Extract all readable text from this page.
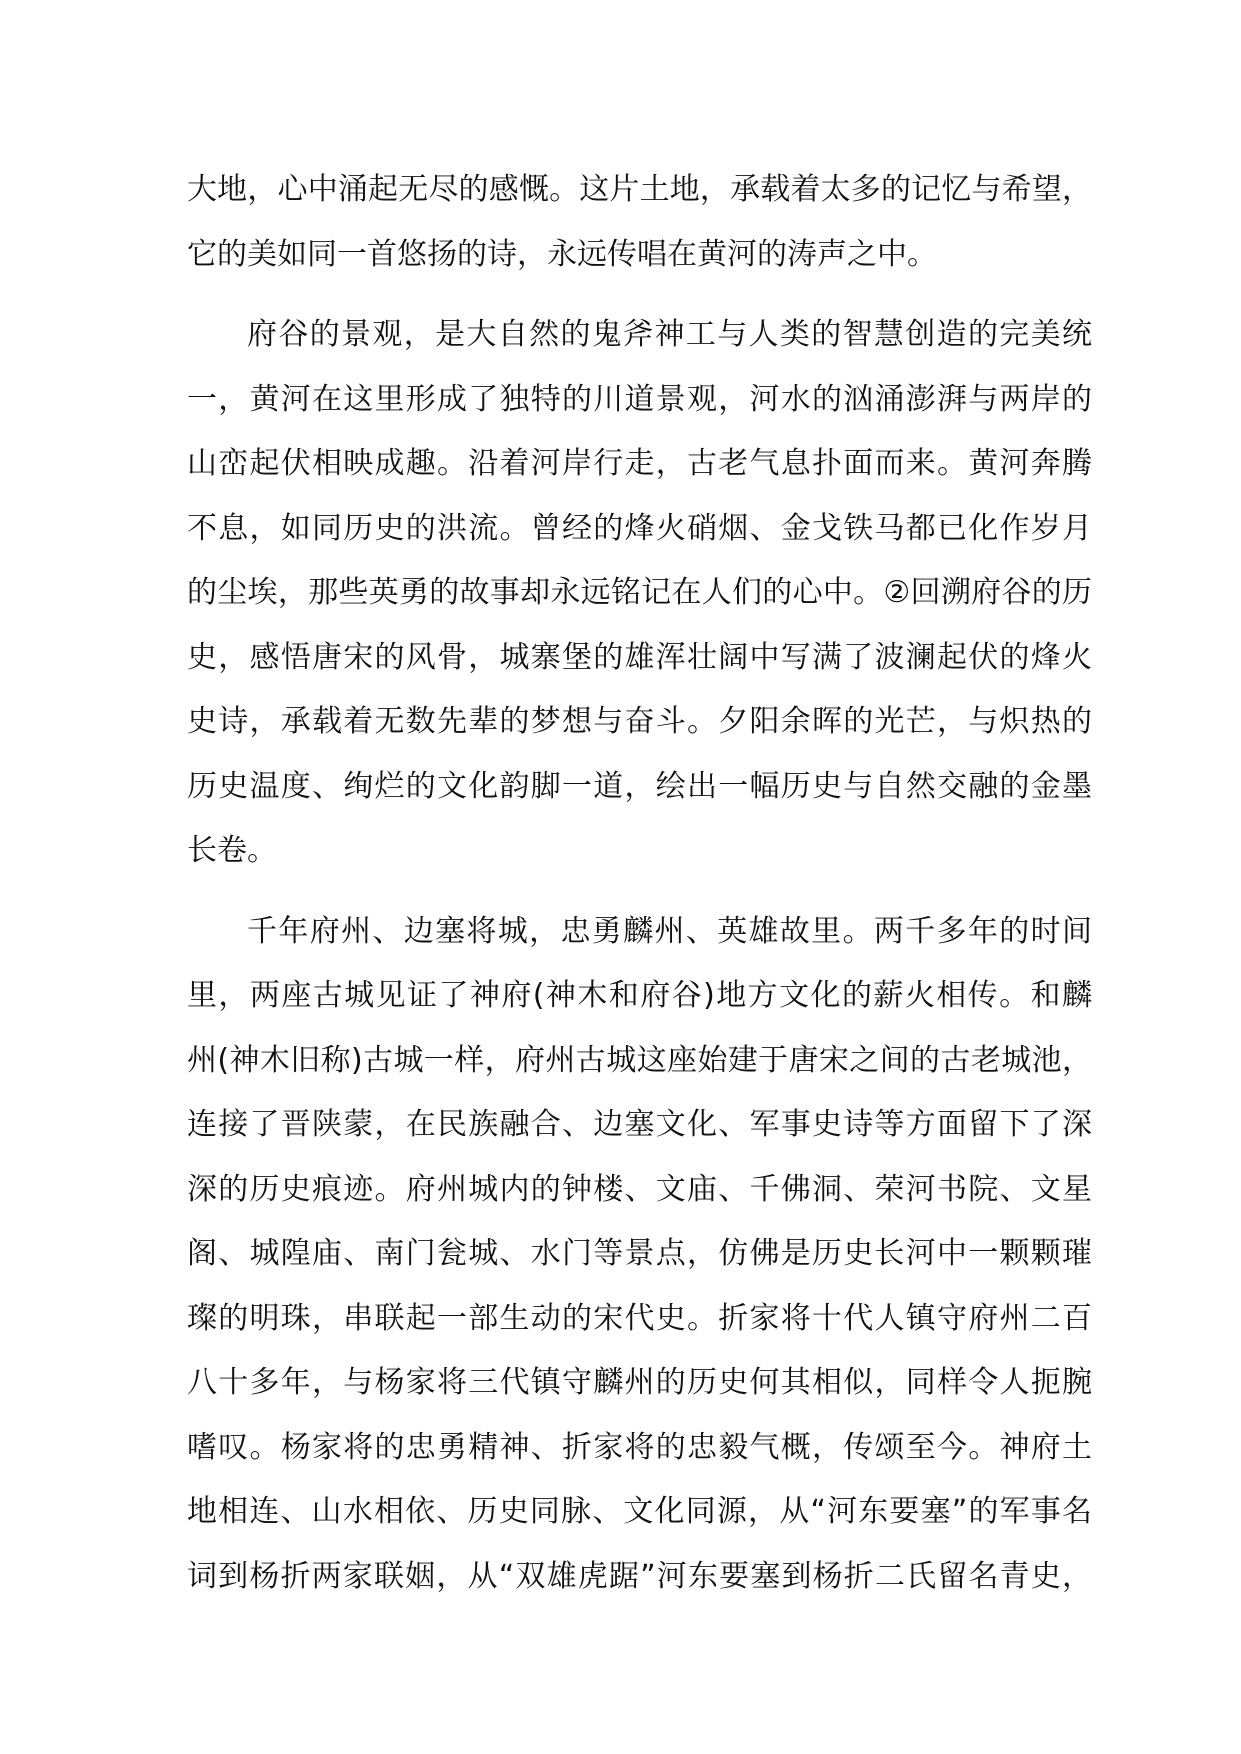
大地，心中涌起无尽的感慨。这片土地，承载着太多的记忆与希望，
它的美如同一首悠扬的诗，永远传唱在黄河的涛声之中。
府谷的景观，是大自然的鬼斧神工与人类的智慧创造的完美统
一，黄河在这里形成了独特的川道景观，河水的汹涌澎湃与两岸的
山峦起伏相映成趣。沿着河岸行走，古老气息扑面而来。黄河奔腾
不息，如同历史的洪流。曾经的烽火硝烟、金戈铁马都已化作岁月
的尘埃，那些英勇的故事却永远铭记在人们的心中。②回溯府谷的历
史，感悟唐宋的风骨，城寨堡的雄浑壮阔中写满了波澜起伏的烽火
史诗，承载着无数先辈的梦想与奋斗。夕阳余晖的光芒，与炽热的
历史温度、绚烂的文化韵脚一道，绘出一幅历史与自然交融的金墨
长卷。
千年府州、边塞将城，忠勇麟州、英雄故里。两千多年的时间
里，两座古城见证了神府(神木和府谷)地方文化的薪火相传。和麟
州(神木旧称)古城一样，府州古城这座始建于唐宋之间的古老城池，
连接了晋陕蒙，在民族融合、边塞文化、军事史诗等方面留下了深
深的历史痕迹。府州城内的钟楼、文庙、千佛洞、荣河书院、文星
阁、城隍庙、南门瓮城、水门等景点，仿佛是历史长河中一颗颗璀
璨的明珠，串联起一部生动的宋代史。折家将十代人镇守府州二百
八十多年，与杨家将三代镇守麟州的历史何其相似，同样令人扼腕
嗜叹。杨家将的忠勇精神、折家将的忠毅气概，传颂至今。神府土
地相连、山水相依、历史同脉、文化同源，从“河东要塞”的军事名
词到杨折两家联姻，从“双雄虎踞”河东要塞到杨折二氏留名青史，
